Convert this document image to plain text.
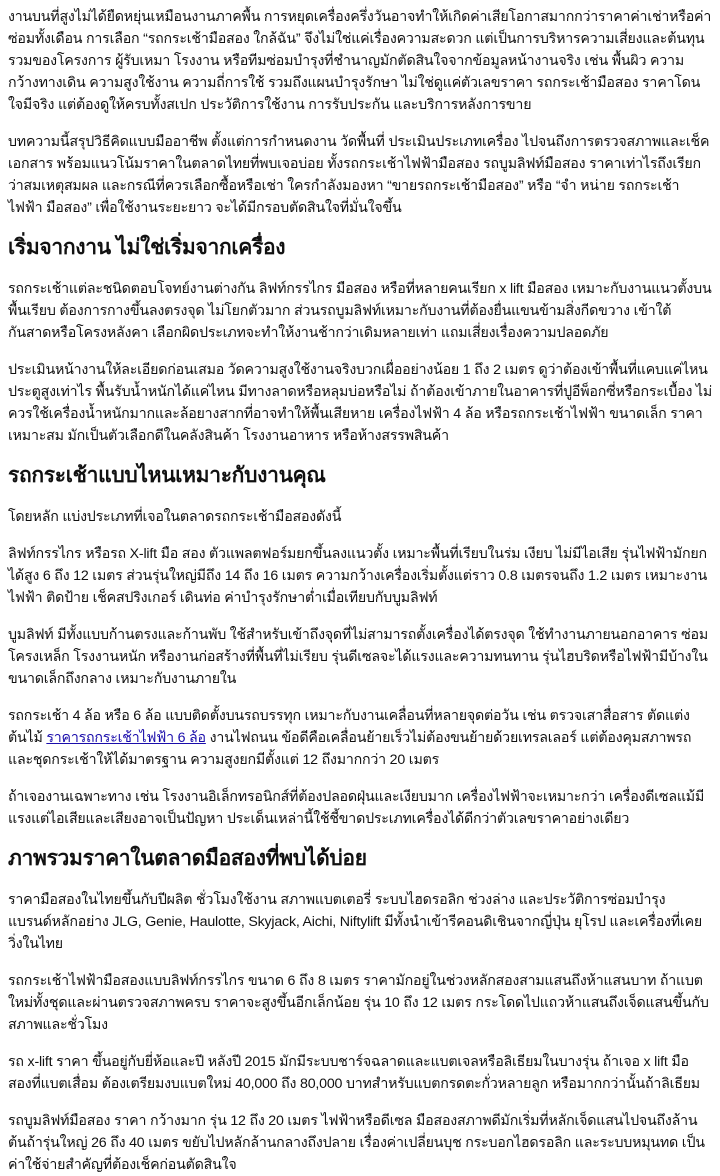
งานบนที่สูงไม่ได้ยืดหยุ่นเหมือนงานภาคพื้น การหยุดเครื่องครึ่งวันอาจทำให้เกิดค่าเสียโอกาสมากกว่าราคาค่าเช่าหรือค่าซ่อมทั้งเดือน การเลือก “รถกระเช้ามือสอง ใกล้ฉัน” จึงไม่ใช่แค่เรื่องความสะดวก แต่เป็นการบริหารความเสี่ยงและต้นทุนรวมของโครงการ ผู้รับเหมา โรงงาน หรือทีมซ่อมบำรุงที่ชำนาญมักตัดสินใจจากข้อมูลหน้างานจริง เช่น พื้นผิว ความกว้างทางเดิน ความสูงใช้งาน ความถี่การใช้ รวมถึงแผนบำรุงรักษา ไม่ใช่ดูแค่ตัวเลขราคา รถกระเช้ามือสอง ราคาโดนใจมีจริง แต่ต้องดูให้ครบทั้งสเปก ประวัติการใช้งาน การรับประกัน และบริการหลังการขาย

บทความนี้สรุปวิธีคิดแบบมืออาชีพ ตั้งแต่การกำหนดงาน วัดพื้นที่ ประเมินประเภทเครื่อง ไปจนถึงการตรวจสภาพและเช็คเอกสาร พร้อมแนวโน้มราคาในตลาดไทยที่พบเจอบ่อย ทั้งรถกระเช้าไฟฟ้ามือสอง รถบูมลิฟท์มือสอง ราคาเท่าไรถึงเรียกว่าสมเหตุสมผล และกรณีที่ควรเลือกซื้อหรือเช่า ใครกำลังมองหา “ขายรถกระเช้ามือสอง” หรือ “จำ หน่าย รถกระเช้าไฟฟ้า มือสอง” เพื่อใช้งานระยะยาว จะได้มีกรอบตัดสินใจที่มั่นใจขึ้น

เริ่มจากงาน ไม่ใช่เริ่มจากเครื่อง

รถกระเช้าแต่ละชนิดตอบโจทย์งานต่างกัน ลิฟท์กรรไกร มือสอง หรือที่หลายคนเรียก x lift มือสอง เหมาะกับงานแนวตั้งบนพื้นเรียบ ต้องการกางขึ้นลงตรงจุด ไม่โยกตัวมาก ส่วนรถบูมลิฟท์เหมาะกับงานที่ต้องยื่นแขนข้ามสิ่งกีดขวาง เข้าใต้กันสาดหรือโครงหลังคา เลือกผิดประเภทจะทำให้งานช้ากว่าเดิมหลายเท่า แถมเสี่ยงเรื่องความปลอดภัย

ประเมินหน้างานให้ละเอียดก่อนเสมอ วัดความสูงใช้งานจริงบวกเผื่ออย่างน้อย 1 ถึง 2 เมตร ดูว่าต้องเข้าพื้นที่แคบแค่ไหน ประตูสูงเท่าไร พื้นรับน้ำหนักได้แค่ไหน มีทางลาดหรือหลุมบ่อหรือไม่ ถ้าต้องเข้าภายในอาคารที่ปูอีพ็อกซี่หรือกระเบื้อง ไม่ควรใช้เครื่องน้ำหนักมากและล้อยางสากที่อาจทำให้พื้นเสียหาย เครื่องไฟฟ้า 4 ล้อ หรือรถกระเช้าไฟฟ้า ขนาดเล็ก ราคาเหมาะสม มักเป็นตัวเลือกดีในคลังสินค้า โรงงานอาหาร หรือห้างสรรพสินค้า

รถกระเช้าแบบไหนเหมาะกับงานคุณ

โดยหลัก แบ่งประเภทที่เจอในตลาดรถกระเช้ามือสองดังนี้

ลิฟท์กรรไกร หรือรถ X-lift มือ สอง ตัวแพลตฟอร์มยกขึ้นลงแนวตั้ง เหมาะพื้นที่เรียบในร่ม เงียบ ไม่มีไอเสีย รุ่นไฟฟ้ามักยกได้สูง 6 ถึง 12 เมตร ส่วนรุ่นใหญ่มีถึง 14 ถึง 16 เมตร ความกว้างเครื่องเริ่มตั้งแต่ราว 0.8 เมตรจนถึง 1.2 เมตร เหมาะงานไฟฟ้า ติดป้าย เช็คสปริงเกอร์ เดินท่อ ค่าบำรุงรักษาต่ำเมื่อเทียบกับบูมลิฟท์

บูมลิฟท์ มีทั้งแบบก้านตรงและก้านพับ ใช้สำหรับเข้าถึงจุดที่ไม่สามารถตั้งเครื่องได้ตรงจุด ใช้ทำงานภายนอกอาคาร ซ่อมโครงเหล็ก โรงงานหนัก หรืองานก่อสร้างที่พื้นที่ไม่เรียบ รุ่นดีเซลจะได้แรงและความทนทาน รุ่นไฮบริดหรือไฟฟ้ามีบ้างในขนาดเล็กถึงกลาง เหมาะกับงานภายใน

รถกระเช้า 4 ล้อ หรือ 6 ล้อ แบบติดตั้งบนรถบรรทุก เหมาะกับงานเคลื่อนที่หลายจุดต่อวัน เช่น ตรวจเสาสื่อสาร ตัดแต่งต้นไม้ ราคารถกระเช้าไฟฟ้า 6 ล้อ งานไฟถนน ข้อดีคือเคลื่อนย้ายเร็วไม่ต้องขนย้ายด้วยเทรลเลอร์ แต่ต้องคุมสภาพรถและชุดกระเช้าให้ได้มาตรฐาน ความสูงยกมีตั้งแต่ 12 ถึงมากกว่า 20 เมตร

ถ้าเจองานเฉพาะทาง เช่น โรงงานอิเล็กทรอนิกส์ที่ต้องปลอดฝุ่นและเงียบมาก เครื่องไฟฟ้าจะเหมาะกว่า เครื่องดีเซลแม้มีแรงแต่ไอเสียและเสียงอาจเป็นปัญหา ประเด็นเหล่านี้ใช้ชี้ขาดประเภทเครื่องได้ดีกว่าตัวเลขราคาอย่างเดียว

ภาพรวมราคาในตลาดมือสองที่พบได้บ่อย

ราคามือสองในไทยขึ้นกับปีผลิต ชั่วโมงใช้งาน สภาพแบตเตอรี่ ระบบไฮดรอลิก ช่วงล่าง และประวัติการซ่อมบำรุง แบรนด์หลักอย่าง JLG, Genie, Haulotte, Skyjack, Aichi, Niftylift มีทั้งนำเข้ารีคอนดิเชินจากญี่ปุ่น ยุโรป และเครื่องที่เคยวิ่งในไทย

รถกระเช้าไฟฟ้ามือสองแบบลิฟท์กรรไกร ขนาด 6 ถึง 8 เมตร ราคามักอยู่ในช่วงหลักสองสามแสนถึงห้าแสนบาท ถ้าแบตใหม่ทั้งชุดและผ่านตรวจสภาพครบ ราคาจะสูงขึ้นอีกเล็กน้อย รุ่น 10 ถึง 12 เมตร กระโดดไปแถวห้าแสนถึงเจ็ดแสนขึ้นกับสภาพและชั่วโมง

รถ x-lift ราคา ขึ้นอยู่กับยี่ห้อและปี หลังปี 2015 มักมีระบบชาร์จฉลาดและแบตเจลหรือลิเธียมในบางรุ่น ถ้าเจอ x lift มือสองที่แบตเสื่อม ต้องเตรียมงบแบตใหม่ 40,000 ถึง 80,000 บาทสำหรับแบตกรดตะกั่วหลายลูก หรือมากกว่านั้นถ้าลิเธียม

รถบูมลิฟท์มือสอง ราคา กว้างมาก รุ่น 12 ถึง 20 เมตร ไฟฟ้าหรือดีเซล มือสองสภาพดีมักเริ่มที่หลักเจ็ดแสนไปจนถึงล้านต้นถ้ารุ่นใหญ่ 26 ถึง 40 เมตร ขยับไปหลักล้านกลางถึงปลาย เรื่องค่าเปลี่ยนบุช กระบอกไฮดรอลิก และระบบหมุนทด เป็นค่าใช้จ่ายสำคัญที่ต้องเช็คก่อนตัดสินใจ
